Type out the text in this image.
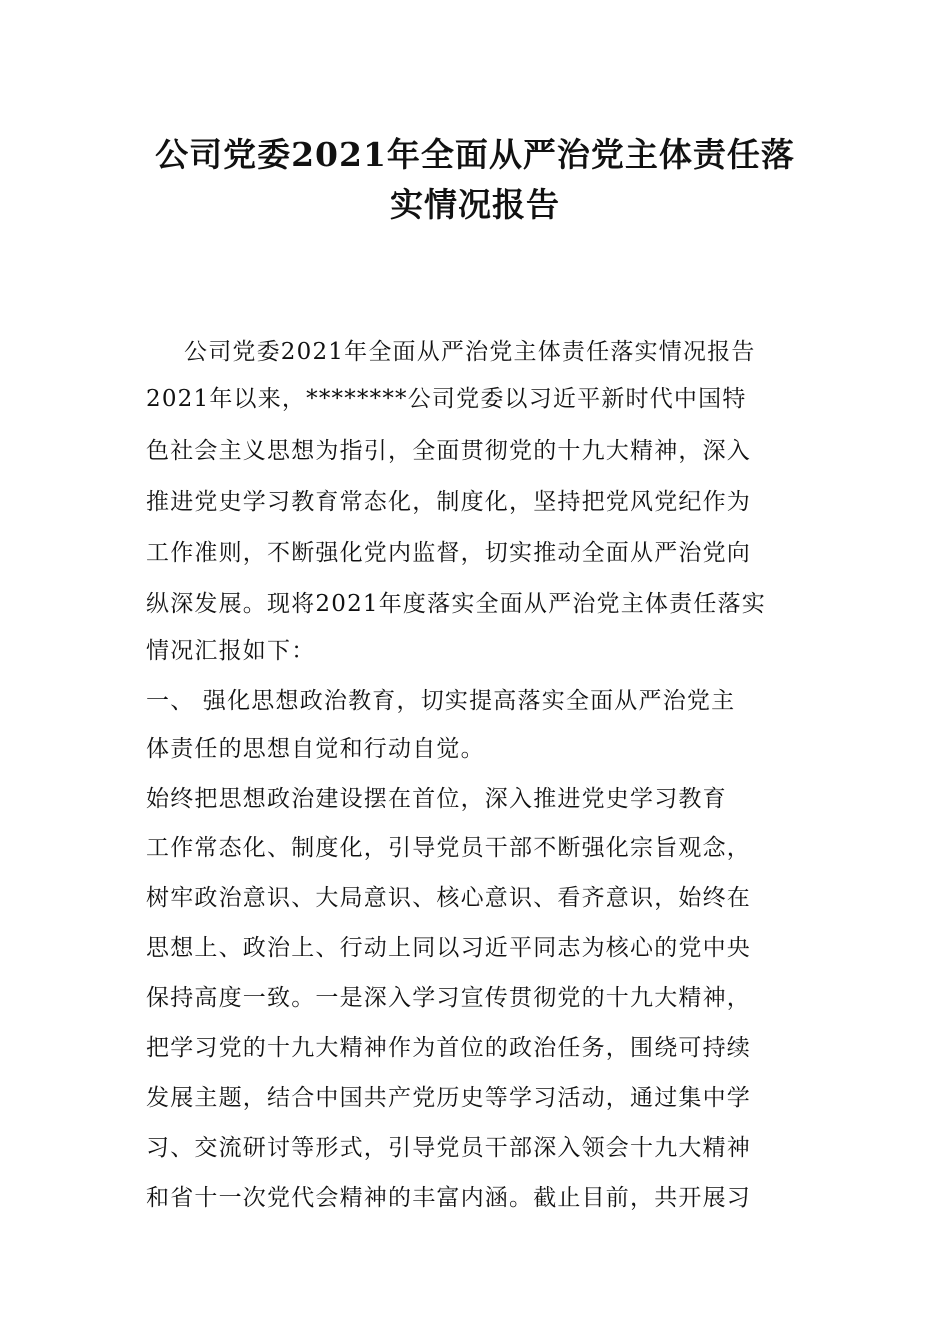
公司党委2021年全面从严治党主体责任落
实情况报告
公司党委2021年全面从严治党主体责任落实情况报告
2021年以来，********公司党委以习近平新时代中国特
色社会主义思想为指引，全面贯彻党的十九大精神，深入
推进党史学习教育常态化，制度化，坚持把党风党纪作为
工作准则，不断强化党内监督，切实推动全面从严治党向
纵深发展。现将2021年度落实全面从严治党主体责任落实
情况汇报如下：
一、 强化思想政治教育，切实提高落实全面从严治党主
体责任的思想自觉和行动自觉。
始终把思想政治建设摆在首位，深入推进党史学习教育
工作常态化、制度化，引导党员干部不断强化宗旨观念，
树牢政治意识、大局意识、核心意识、看齐意识，始终在
思想上、政治上、行动上同以习近平同志为核心的党中央
保持高度一致。一是深入学习宣传贯彻党的十九大精神，
把学习党的十九大精神作为首位的政治任务，围绕可持续
发展主题，结合中国共产党历史等学习活动，通过集中学
习、交流研讨等形式，引导党员干部深入领会十九大精神
和省十一次党代会精神的丰富内涵。截止目前，共开展习
